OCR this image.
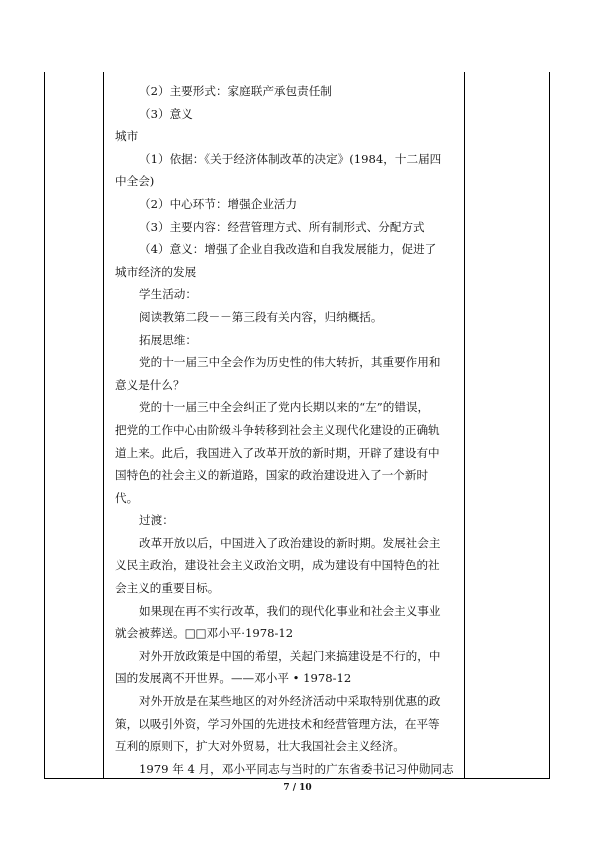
（2）主要形式：家庭联产承包责任制

（3）意义

城市

（1）依据：《关于经济体制改革的决定》(1984，十二届四

中全会)

（2）中心环节：增强企业活力

（3）主要内容：经营管理方式、所有制形式、分配方式

（4）意义：增强了企业自我改造和自我发展能力，促进了

城市经济的发展

学生活动：

阅读教第二段－－第三段有关内容，归纳概括。

拓展思维：

党的十一届三中全会作为历史性的伟大转折，其重要作用和

意义是什么？

党的十一届三中全会纠正了党内长期以来的“左”的错误，

把党的工作中心由阶级斗争转移到社会主义现代化建设的正确轨

道上来。此后，我国进入了改革开放的新时期，开辟了建设有中

国特色的社会主义的新道路，国家的政治建设进入了一个新时

代。

过渡：

改革开放以后，中国进入了政治建设的新时期。发展社会主

义民主政治，建设社会主义政治文明，成为建设有中国特色的社

会主义的重要目标。

如果现在再不实行改革，我们的现代化事业和社会主义事业

就会被葬送。□□邓小平·1978-12

对外开放政策是中国的希望，关起门来搞建设是不行的，中

国的发展离不开世界。——邓小平 • 1978-12

对外开放是在某些地区的对外经济活动中采取特别优惠的政

策，以吸引外资，学习外国的先进技术和经营管理方法，在平等

互利的原则下，扩大对外贸易，壮大我国社会主义经济。

1979 年 4 月，邓小平同志与当时的广东省委书记习仲勋同志

7 / 10
